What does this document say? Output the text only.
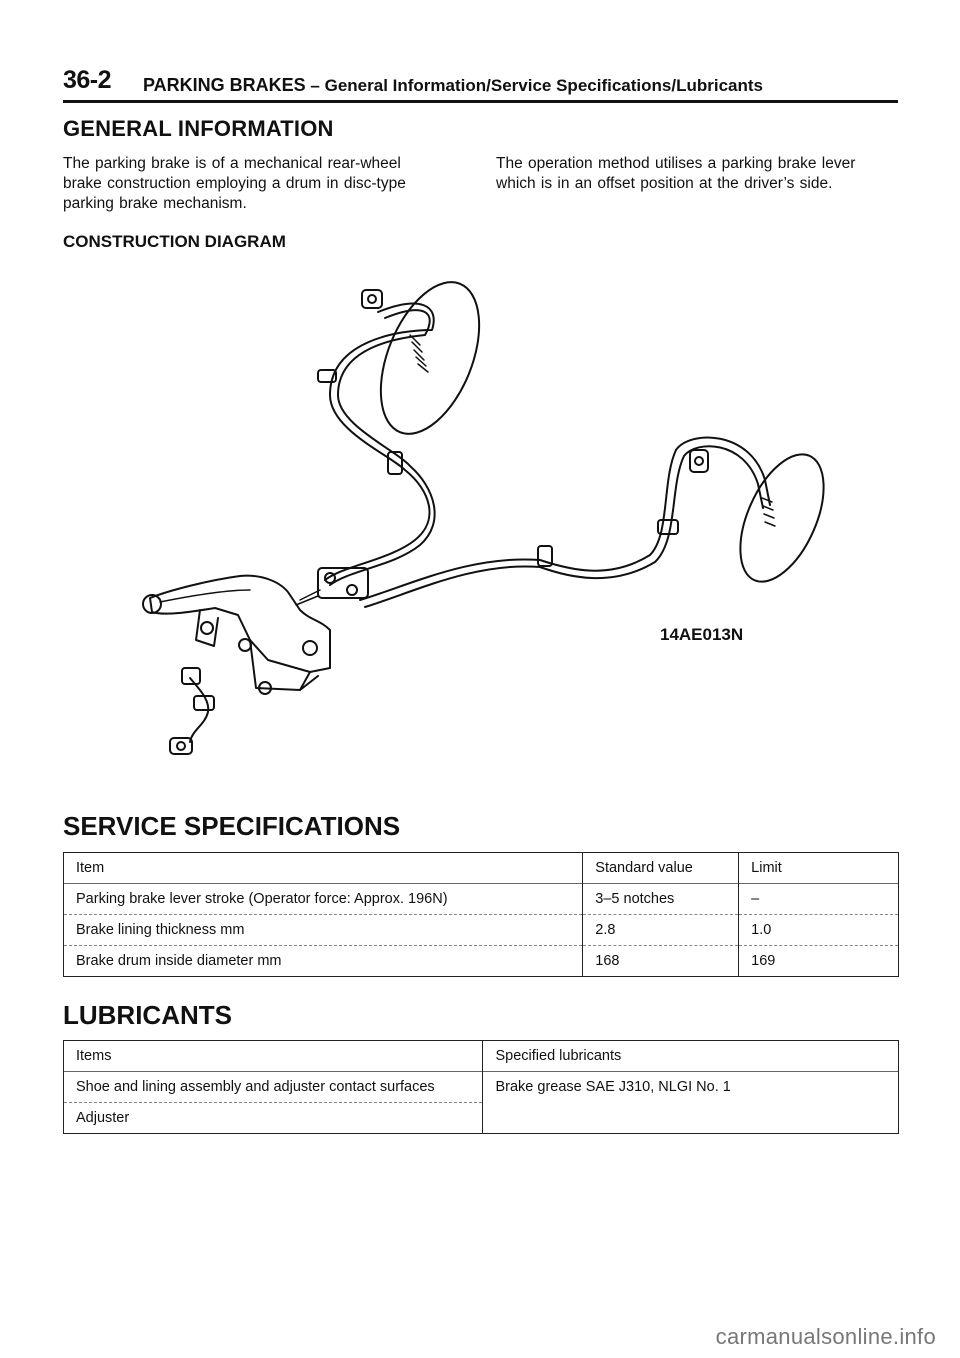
36-2 PARKING BRAKES – General Information/Service Specifications/Lubricants
GENERAL INFORMATION
The parking brake is of a mechanical rear-wheel
brake construction employing a drum in disc-type
parking brake mechanism.
The operation method utilises a parking brake lever
which is in an offset position at the driver’s side.
CONSTRUCTION DIAGRAM
14AE013N
SERVICE SPECIFICATIONS
Item	Standard value	Limit
Parking brake lever stroke (Operator force: Approx. 196N)	3–5 notches	–
Brake lining thickness mm	2.8	1.0
Brake drum inside diameter mm	168	169
LUBRICANTS
Items	Specified lubricants
Shoe and lining assembly and adjuster contact surfaces	Brake grease SAE J310, NLGI No. 1
Adjuster	
carmanualsonline.info
